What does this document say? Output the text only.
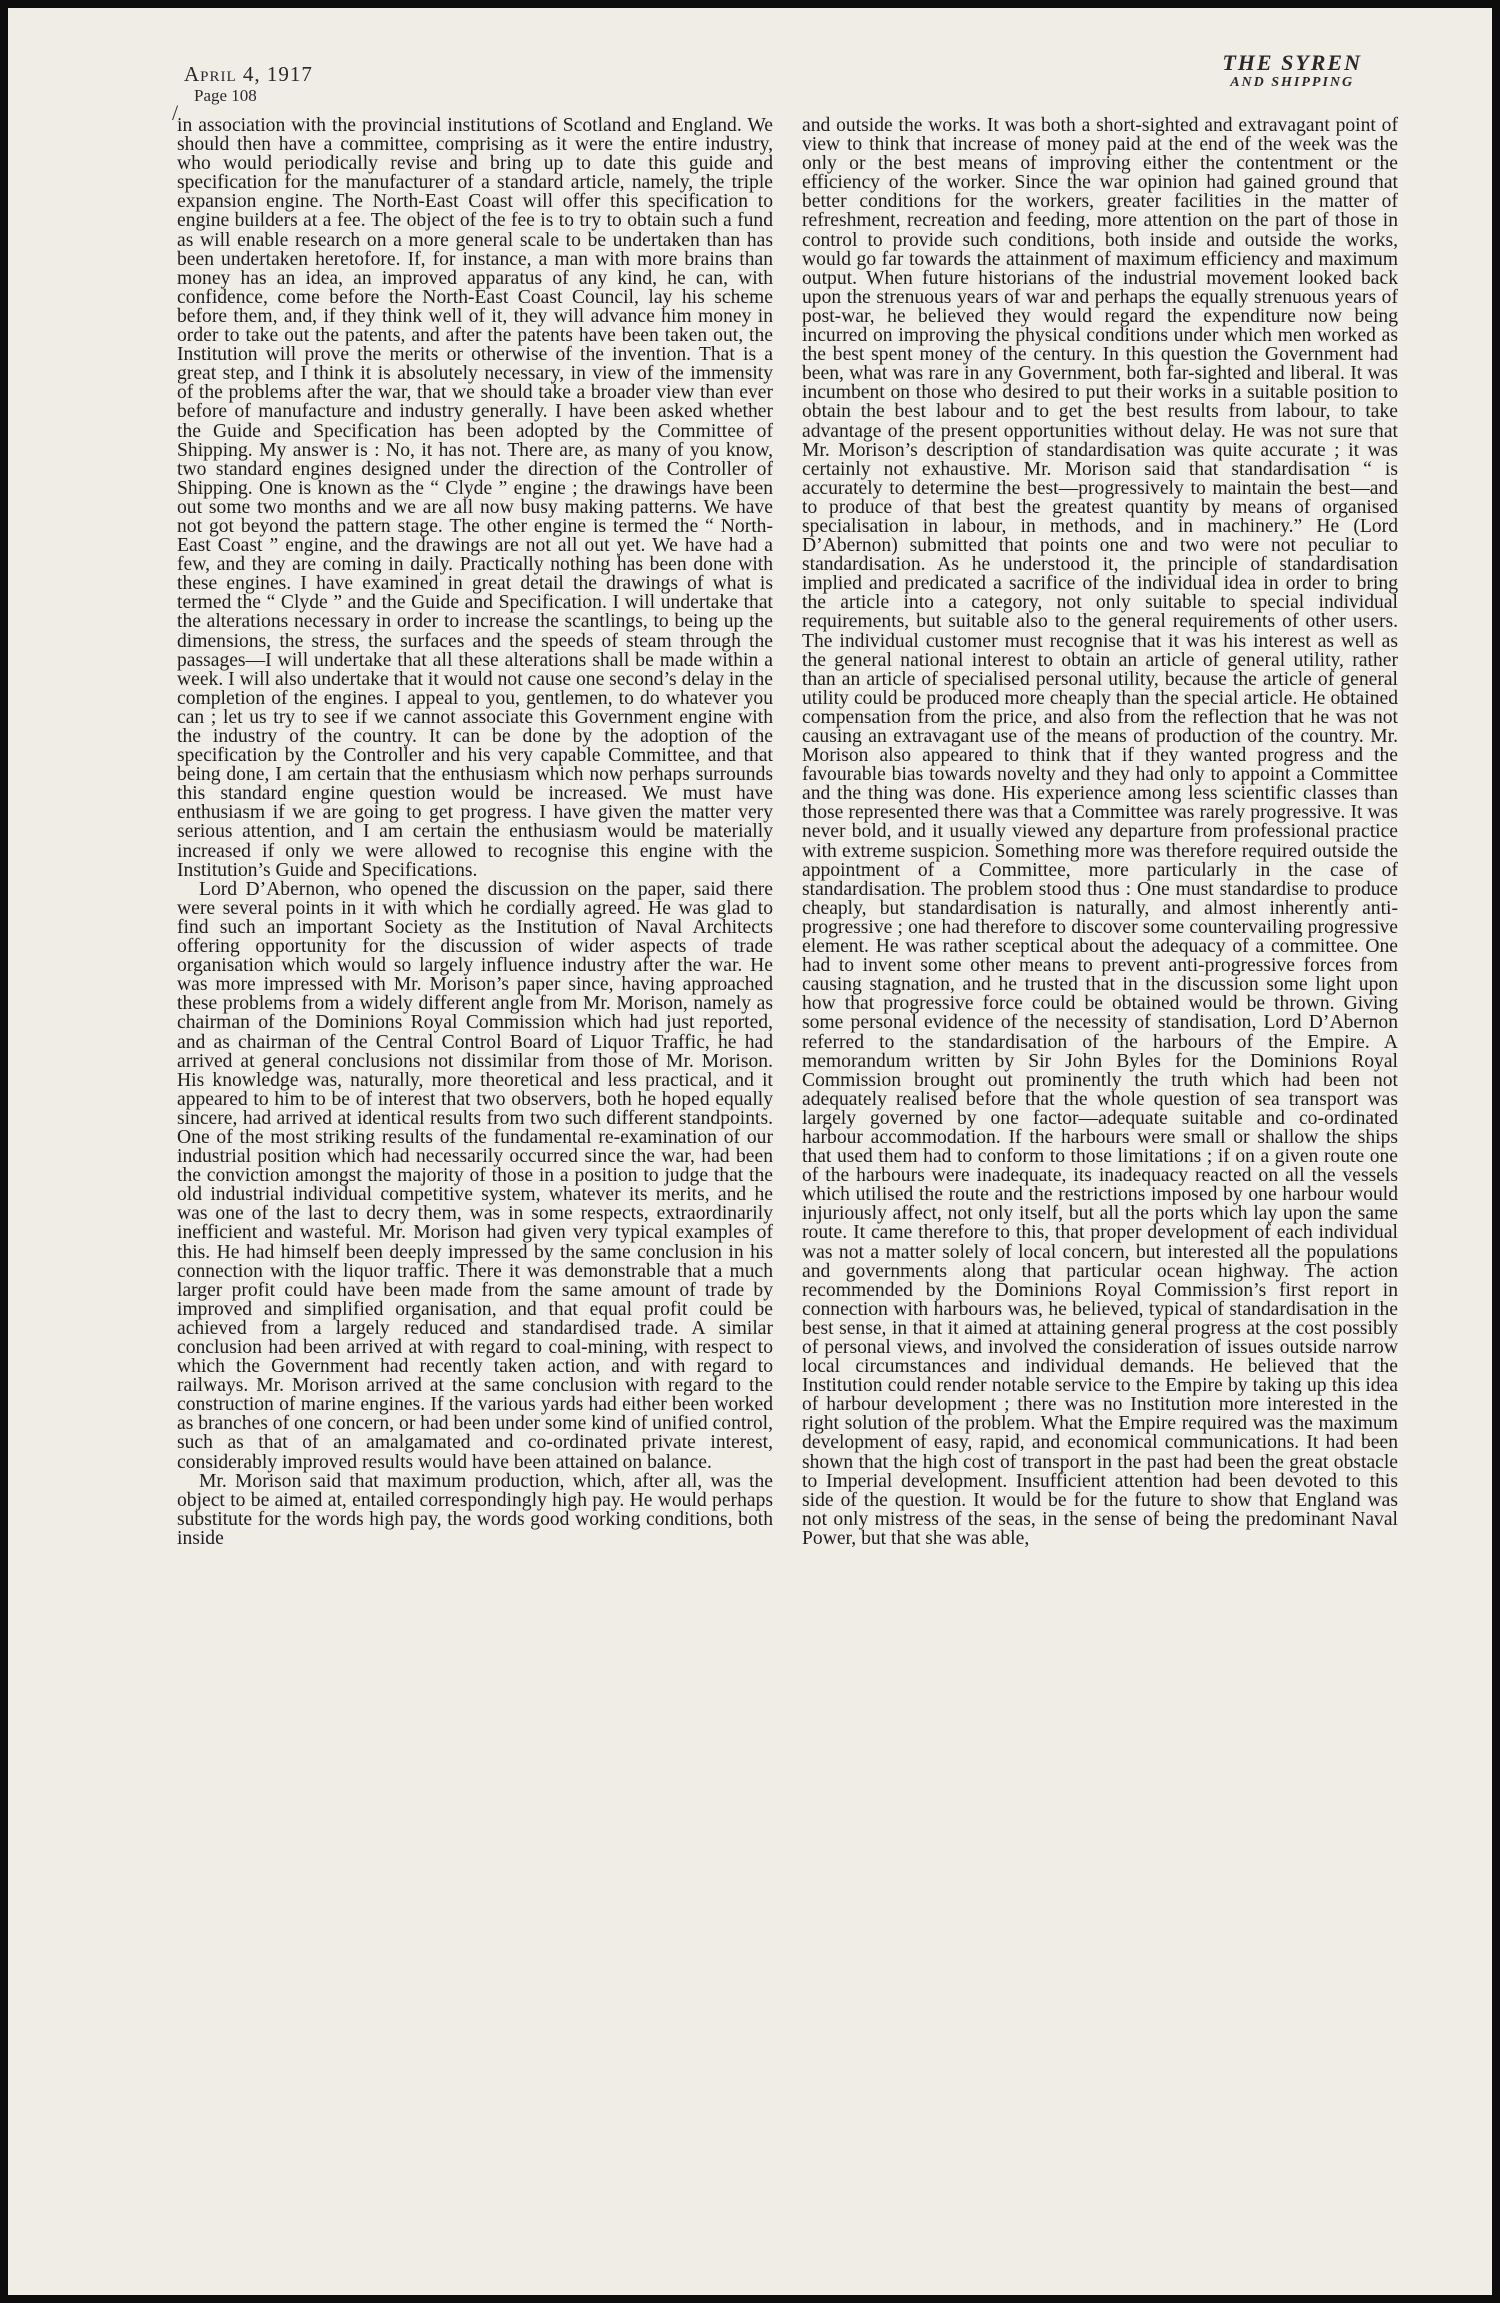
April 4, 1917
Page 108
THE SYREN
AND SHIPPING
/

in association with the provincial institutions of Scotland and England. We should then have a committee, comprising as it were the entire industry, who would periodically revise and bring up to date this guide and specification for the manufacturer of a standard article, namely, the triple expansion engine. The North-East Coast will offer this specification to engine builders at a fee. The object of the fee is to try to obtain such a fund as will enable research on a more general scale to be undertaken than has been undertaken heretofore. If, for instance, a man with more brains than money has an idea, an improved apparatus of any kind, he can, with confidence, come before the North-East Coast Council, lay his scheme before them, and, if they think well of it, they will advance him money in order to take out the patents, and after the patents have been taken out, the Institution will prove the merits or otherwise of the invention. That is a great step, and I think it is absolutely necessary, in view of the immensity of the problems after the war, that we should take a broader view than ever before of manufacture and industry generally. I have been asked whether the Guide and Specification has been adopted by the Committee of Shipping. My answer is : No, it has not. There are, as many of you know, two standard engines designed under the direction of the Controller of Shipping. One is known as the “ Clyde ” engine ; the drawings have been out some two months and we are all now busy making patterns. We have not got beyond the pattern stage. The other engine is termed the “ North-East Coast ” engine, and the drawings are not all out yet. We have had a few, and they are coming in daily. Practically nothing has been done with these engines. I have examined in great detail the drawings of what is termed the “ Clyde ” and the Guide and Specification. I will undertake that the alterations necessary in order to increase the scantlings, to being up the dimensions, the stress, the surfaces and the speeds of steam through the passages—I will undertake that all these alterations shall be made within a week. I will also undertake that it would not cause one second’s delay in the completion of the engines. I appeal to you, gentlemen, to do whatever you can ; let us try to see if we cannot associate this Government engine with the industry of the country. It can be done by the adoption of the specification by the Controller and his very capable Committee, and that being done, I am certain that the enthusiasm which now perhaps surrounds this standard engine question would be increased. We must have enthusiasm if we are going to get progress. I have given the matter very serious attention, and I am certain the enthusiasm would be materially increased if only we were allowed to recognise this engine with the Institution’s Guide and Specifications.

Lord D’Abernon, who opened the discussion on the paper, said there were several points in it with which he cordially agreed. He was glad to find such an important Society as the Institution of Naval Architects offering opportunity for the discussion of wider aspects of trade organisation which would so largely influence industry after the war. He was more impressed with Mr. Morison’s paper since, having approached these problems from a widely different angle from Mr. Morison, namely as chairman of the Dominions Royal Commission which had just reported, and as chairman of the Central Control Board of Liquor Traffic, he had arrived at general conclusions not dissimilar from those of Mr. Morison. His knowledge was, naturally, more theoretical and less practical, and it appeared to him to be of interest that two observers, both he hoped equally sincere, had arrived at identical results from two such different standpoints. One of the most striking results of the fundamental re-examination of our industrial position which had necessarily occurred since the war, had been the conviction amongst the majority of those in a position to judge that the old industrial individual competitive system, whatever its merits, and he was one of the last to decry them, was in some respects, extraordinarily inefficient and wasteful. Mr. Morison had given very typical examples of this. He had himself been deeply impressed by the same conclusion in his connection with the liquor traffic. There it was demonstrable that a much larger profit could have been made from the same amount of trade by improved and simplified organisation, and that equal profit could be achieved from a largely reduced and standardised trade. A similar conclusion had been arrived at with regard to coal-mining, with respect to which the Government had recently taken action, and with regard to railways. Mr. Morison arrived at the same conclusion with regard to the construction of marine engines. If the various yards had either been worked as branches of one concern, or had been under some kind of unified control, such as that of an amalgamated and co-ordinated private interest, considerably improved results would have been attained on balance.

Mr. Morison said that maximum production, which, after all, was the object to be aimed at, entailed correspondingly high pay. He would perhaps substitute for the words high pay, the words good working conditions, both inside

and outside the works. It was both a short-sighted and extravagant point of view to think that increase of money paid at the end of the week was the only or the best means of improving either the contentment or the efficiency of the worker. Since the war opinion had gained ground that better conditions for the workers, greater facilities in the matter of refreshment, recreation and feeding, more attention on the part of those in control to provide such conditions, both inside and outside the works, would go far towards the attainment of maximum efficiency and maximum output. When future historians of the industrial movement looked back upon the strenuous years of war and perhaps the equally strenuous years of post-war, he believed they would regard the expenditure now being incurred on improving the physical conditions under which men worked as the best spent money of the century. In this question the Government had been, what was rare in any Government, both far-sighted and liberal. It was incumbent on those who desired to put their works in a suitable position to obtain the best labour and to get the best results from labour, to take advantage of the present opportunities without delay. He was not sure that Mr. Morison’s description of standardisation was quite accurate ; it was certainly not exhaustive. Mr. Morison said that standardisation “ is accurately to determine the best—progressively to maintain the best—and to produce of that best the greatest quantity by means of organised specialisation in labour, in methods, and in machinery.” He (Lord D’Abernon) submitted that points one and two were not peculiar to standardisation. As he understood it, the principle of standardisation implied and predicated a sacrifice of the individual idea in order to bring the article into a category, not only suitable to special individual requirements, but suitable also to the general requirements of other users. The individual customer must recognise that it was his interest as well as the general national interest to obtain an article of general utility, rather than an article of specialised personal utility, because the article of general utility could be produced more cheaply than the special article. He obtained compensation from the price, and also from the reflection that he was not causing an extravagant use of the means of production of the country. Mr. Morison also appeared to think that if they wanted progress and the favourable bias towards novelty and they had only to appoint a Committee and the thing was done. His experience among less scientific classes than those represented there was that a Committee was rarely progressive. It was never bold, and it usually viewed any departure from professional practice with extreme suspicion. Something more was therefore required outside the appointment of a Committee, more particularly in the case of standardisation. The problem stood thus : One must standardise to produce cheaply, but standardisation is naturally, and almost inherently anti-progressive ; one had therefore to discover some countervailing progressive element. He was rather sceptical about the adequacy of a committee. One had to invent some other means to prevent anti-progressive forces from causing stagnation, and he trusted that in the discussion some light upon how that progressive force could be obtained would be thrown. Giving some personal evidence of the necessity of standisation, Lord D’Abernon referred to the standardisation of the harbours of the Empire. A memorandum written by Sir John Byles for the Dominions Royal Commission brought out prominently the truth which had been not adequately realised before that the whole question of sea transport was largely governed by one factor—adequate suitable and co-ordinated harbour accommodation. If the harbours were small or shallow the ships that used them had to conform to those limitations ; if on a given route one of the harbours were inadequate, its inadequacy reacted on all the vessels which utilised the route and the restrictions imposed by one harbour would injuriously affect, not only itself, but all the ports which lay upon the same route. It came therefore to this, that proper development of each individual was not a matter solely of local concern, but interested all the populations and governments along that particular ocean highway. The action recommended by the Dominions Royal Commission’s first report in connection with harbours was, he believed, typical of standardisation in the best sense, in that it aimed at attaining general progress at the cost possibly of personal views, and involved the consideration of issues outside narrow local circumstances and individual demands. He believed that the Institution could render notable service to the Empire by taking up this idea of harbour development ; there was no Institution more interested in the right solution of the problem. What the Empire required was the maximum development of easy, rapid, and economical communications. It had been shown that the high cost of transport in the past had been the great obstacle to Imperial development. Insufficient attention had been devoted to this side of the question. It would be for the future to show that England was not only mistress of the seas, in the sense of being the predominant Naval Power, but that she was able,
